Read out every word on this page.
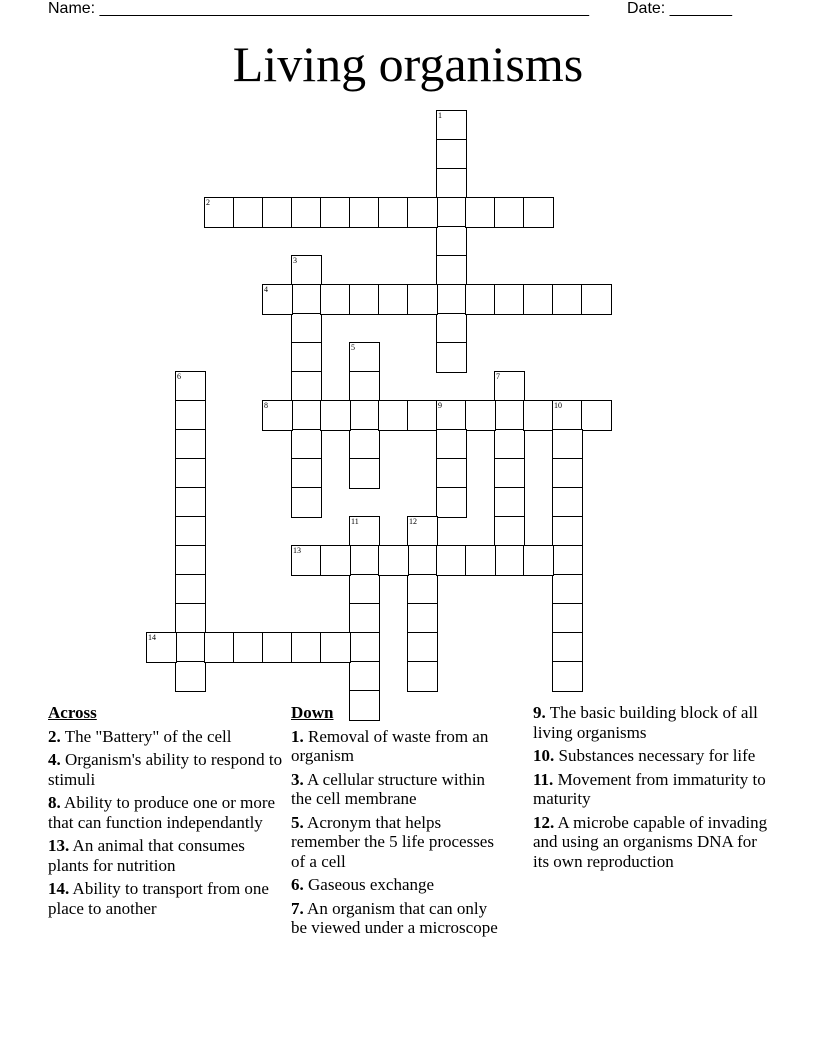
Name: _______________________________________________________ Date: _______
Living organisms
1
2
3
4
5
6	7
8	9	10
11	12
13
14
Across
2. The "Battery" of the cell
4. Organism's ability to respond to stimuli
8. Ability to produce one or more that can function independantly
13. An animal that consumes plants for nutrition
14. Ability to transport from one place to another
Down
1. Removal of waste from an organism
3. A cellular structure within the cell membrane
5. Acronym that helps remember the 5 life processes of a cell
6. Gaseous exchange
7. An organism that can only be viewed under a microscope
9. The basic building block of all living organisms
10. Substances necessary for life
11. Movement from immaturity to maturity
12. A microbe capable of invading and using an organisms DNA for its own reproduction
